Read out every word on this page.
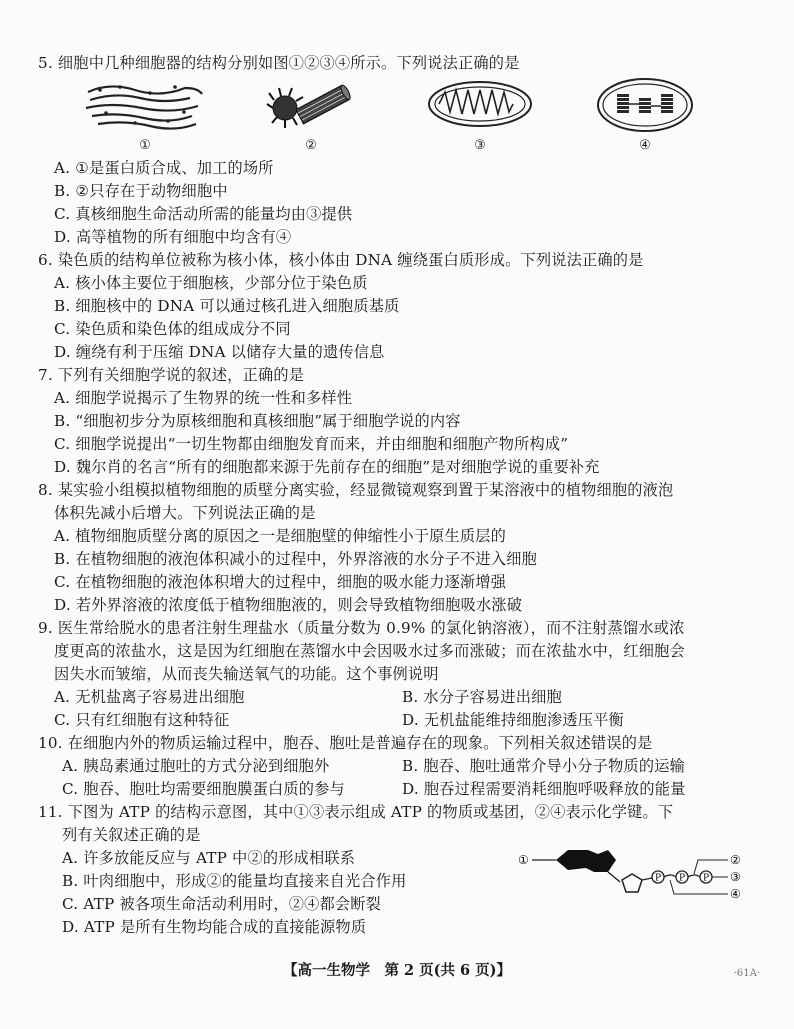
5. 细胞中几种细胞器的结构分别如图①②③④所示。下列说法正确的是
①	②	③	④
A. ①是蛋白质合成、加工的场所
B. ②只存在于动物细胞中
C. 真核细胞生命活动所需的能量均由③提供
D. 高等植物的所有细胞中均含有④
6. 染色质的结构单位被称为核小体，核小体由 DNA 缠绕蛋白质形成。下列说法正确的是
A. 核小体主要位于细胞核，少部分位于染色质
B. 细胞核中的 DNA 可以通过核孔进入细胞质基质
C. 染色质和染色体的组成成分不同
D. 缠绕有利于压缩 DNA 以储存大量的遗传信息
7. 下列有关细胞学说的叙述，正确的是
A. 细胞学说揭示了生物界的统一性和多样性
B. “细胞初步分为原核细胞和真核细胞”属于细胞学说的内容
C. 细胞学说提出“一切生物都由细胞发育而来，并由细胞和细胞产物所构成”
D. 魏尔肖的名言“所有的细胞都来源于先前存在的细胞”是对细胞学说的重要补充
8. 某实验小组模拟植物细胞的质壁分离实验，经显微镜观察到置于某溶液中的植物细胞的液泡
体积先减小后增大。下列说法正确的是
A. 植物细胞质壁分离的原因之一是细胞壁的伸缩性小于原生质层的
B. 在植物细胞的液泡体积减小的过程中，外界溶液的水分子不进入细胞
C. 在植物细胞的液泡体积增大的过程中，细胞的吸水能力逐渐增强
D. 若外界溶液的浓度低于植物细胞液的，则会导致植物细胞吸水涨破
9. 医生常给脱水的患者注射生理盐水（质量分数为 0.9% 的氯化钠溶液），而不注射蒸馏水或浓
度更高的浓盐水，这是因为红细胞在蒸馏水中会因吸水过多而涨破；而在浓盐水中，红细胞会
因失水而皱缩，从而丧失输送氧气的功能。这个事例说明
A. 无机盐离子容易进出细胞	B. 水分子容易进出细胞
C. 只有红细胞有这种特征	D. 无机盐能维持细胞渗透压平衡
10. 在细胞内外的物质运输过程中，胞吞、胞吐是普遍存在的现象。下列相关叙述错误的是
A. 胰岛素通过胞吐的方式分泌到细胞外	B. 胞吞、胞吐通常介导小分子物质的运输
C. 胞吞、胞吐均需要细胞膜蛋白质的参与	D. 胞吞过程需要消耗细胞呼吸释放的能量
11. 下图为 ATP 的结构示意图，其中①③表示组成 ATP 的物质或基团，②④表示化学键。下
列有关叙述正确的是
A. 许多放能反应与 ATP 中②的形成相联系
B. 叶肉细胞中，形成②的能量均直接来自光合作用
C. ATP 被各项生命活动利用时，②④都会断裂
D. ATP 是所有生物均能合成的直接能源物质
①
P P P
②
③
④
【高一生物学　第 2 页(共 6 页)】	·61A·
